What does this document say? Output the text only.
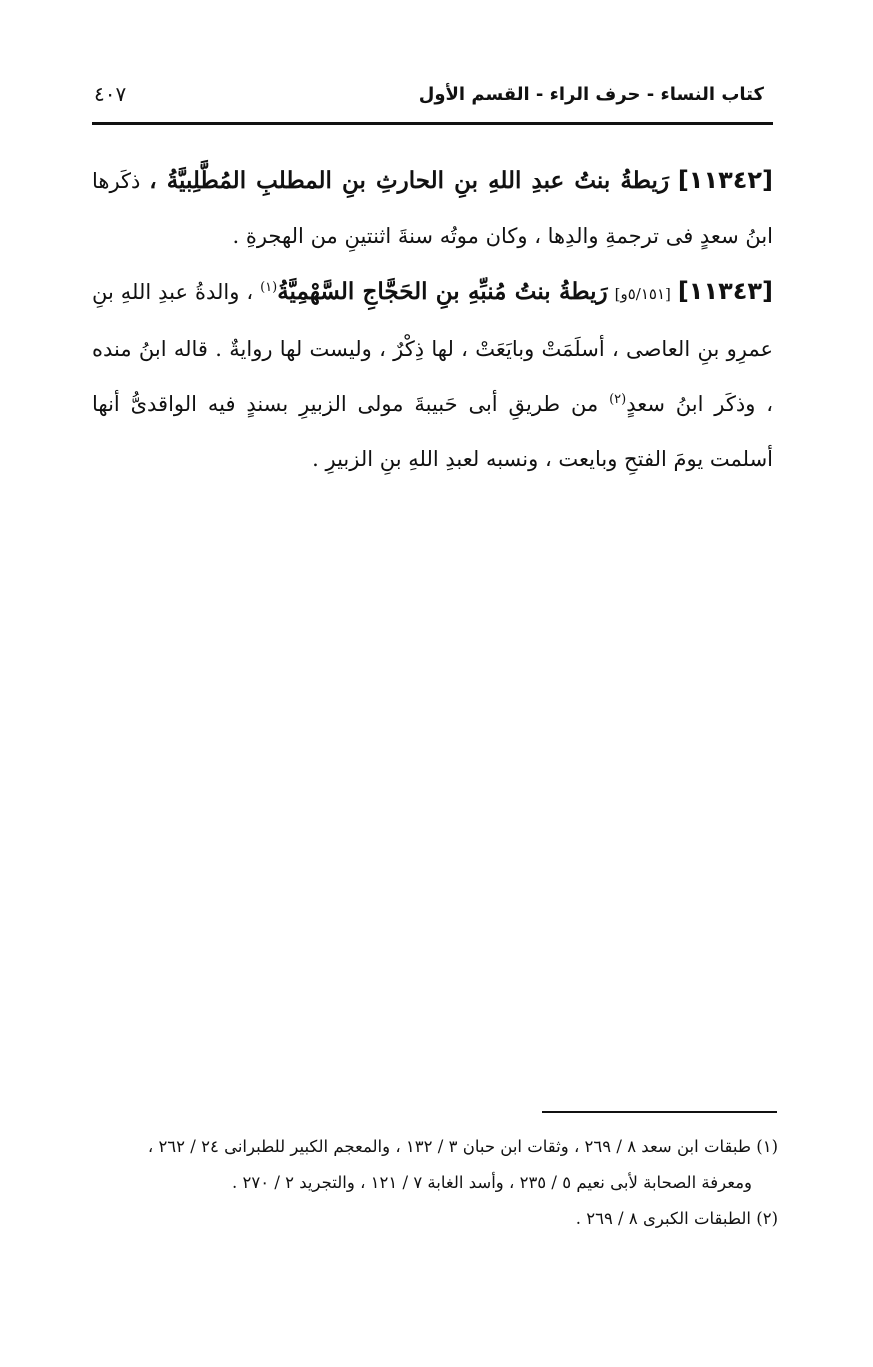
كتاب النساء - حرف الراء - القسم الأول
٤٠٧

[١١٣٤٢] رَيطةُ بنتُ عبدِ اللهِ بنِ الحارثِ بنِ المطلبِ المُطَّلِبيَّةُ ، ذكَرها ابنُ سعدٍ فى ترجمةِ والدِها ، وكان موتُه سنةَ اثنتينِ من الهجرةِ .

[١١٣٤٣] [٥/١٥١و] رَيطةُ بنتُ مُنبِّهِ بنِ الحَجَّاجِ السَّهْمِيَّةُ$^{(١)}$ ، والدةُ عبدِ اللهِ بنِ عمرِو بنِ العاصى ، أسلَمَتْ وبايَعَتْ ، لها ذِكْرٌ ، وليست لها روايةٌ . قاله ابنُ منده ، وذكَر ابنُ سعدٍ$^{(٢)}$ من طريقِ أبى حَبيبةَ مولى الزبيرِ بسندٍ فيه الواقدىُّ أنها أسلمت يومَ الفتحِ وبايعت ، ونسبه لعبدِ اللهِ بنِ الزبيرِ .

(١) طبقات ابن سعد ٨ / ٢٦٩ ، وثقات ابن حبان ٣ / ١٣٢ ، والمعجم الكبير للطبرانى ٢٤ / ٢٦٢ ،
ومعرفة الصحابة لأبى نعيم ٥ / ٢٣٥ ، وأسد الغابة ٧ / ١٢١ ، والتجريد ٢ / ٢٧٠ .

(٢) الطبقات الكبرى ٨ / ٢٦٩ .
